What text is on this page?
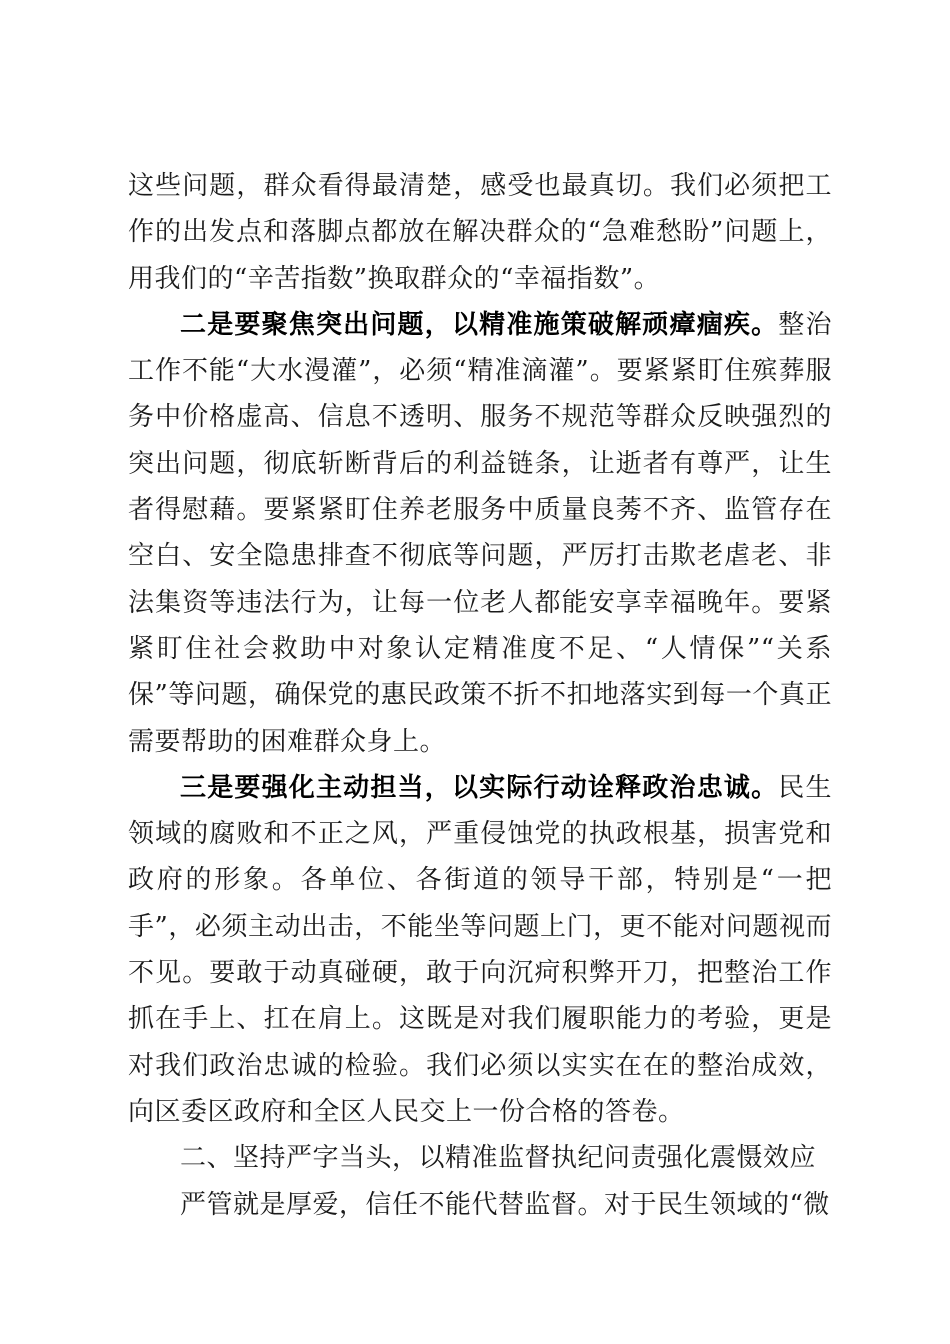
这些问题，群众看得最清楚，感受也最真切。我们必须把工作的出发点和落脚点都放在解决群众的“急难愁盼”问题上，用我们的“辛苦指数”换取群众的“幸福指数”。

二是要聚焦突出问题，以精准施策破解顽瘴痼疾。整治工作不能“大水漫灌”，必须“精准滴灌”。要紧紧盯住殡葬服务中价格虚高、信息不透明、服务不规范等群众反映强烈的突出问题，彻底斩断背后的利益链条，让逝者有尊严，让生者得慰藉。要紧紧盯住养老服务中质量良莠不齐、监管存在空白、安全隐患排查不彻底等问题，严厉打击欺老虐老、非法集资等违法行为，让每一位老人都能安享幸福晚年。要紧紧盯住社会救助中对象认定精准度不足、“人情保”“关系保”等问题，确保党的惠民政策不折不扣地落实到每一个真正需要帮助的困难群众身上。

三是要强化主动担当，以实际行动诠释政治忠诚。民生领域的腐败和不正之风，严重侵蚀党的执政根基，损害党和政府的形象。各单位、各街道的领导干部，特别是“一把手”，必须主动出击，不能坐等问题上门，更不能对问题视而不见。要敢于动真碰硬，敢于向沉疴积弊开刀，把整治工作抓在手上、扛在肩上。这既是对我们履职能力的考验，更是对我们政治忠诚的检验。我们必须以实实在在的整治成效，向区委区政府和全区人民交上一份合格的答卷。

二、坚持严字当头，以精准监督执纪问责强化震慑效应

严管就是厚爱，信任不能代替监督。对于民生领域的“微
